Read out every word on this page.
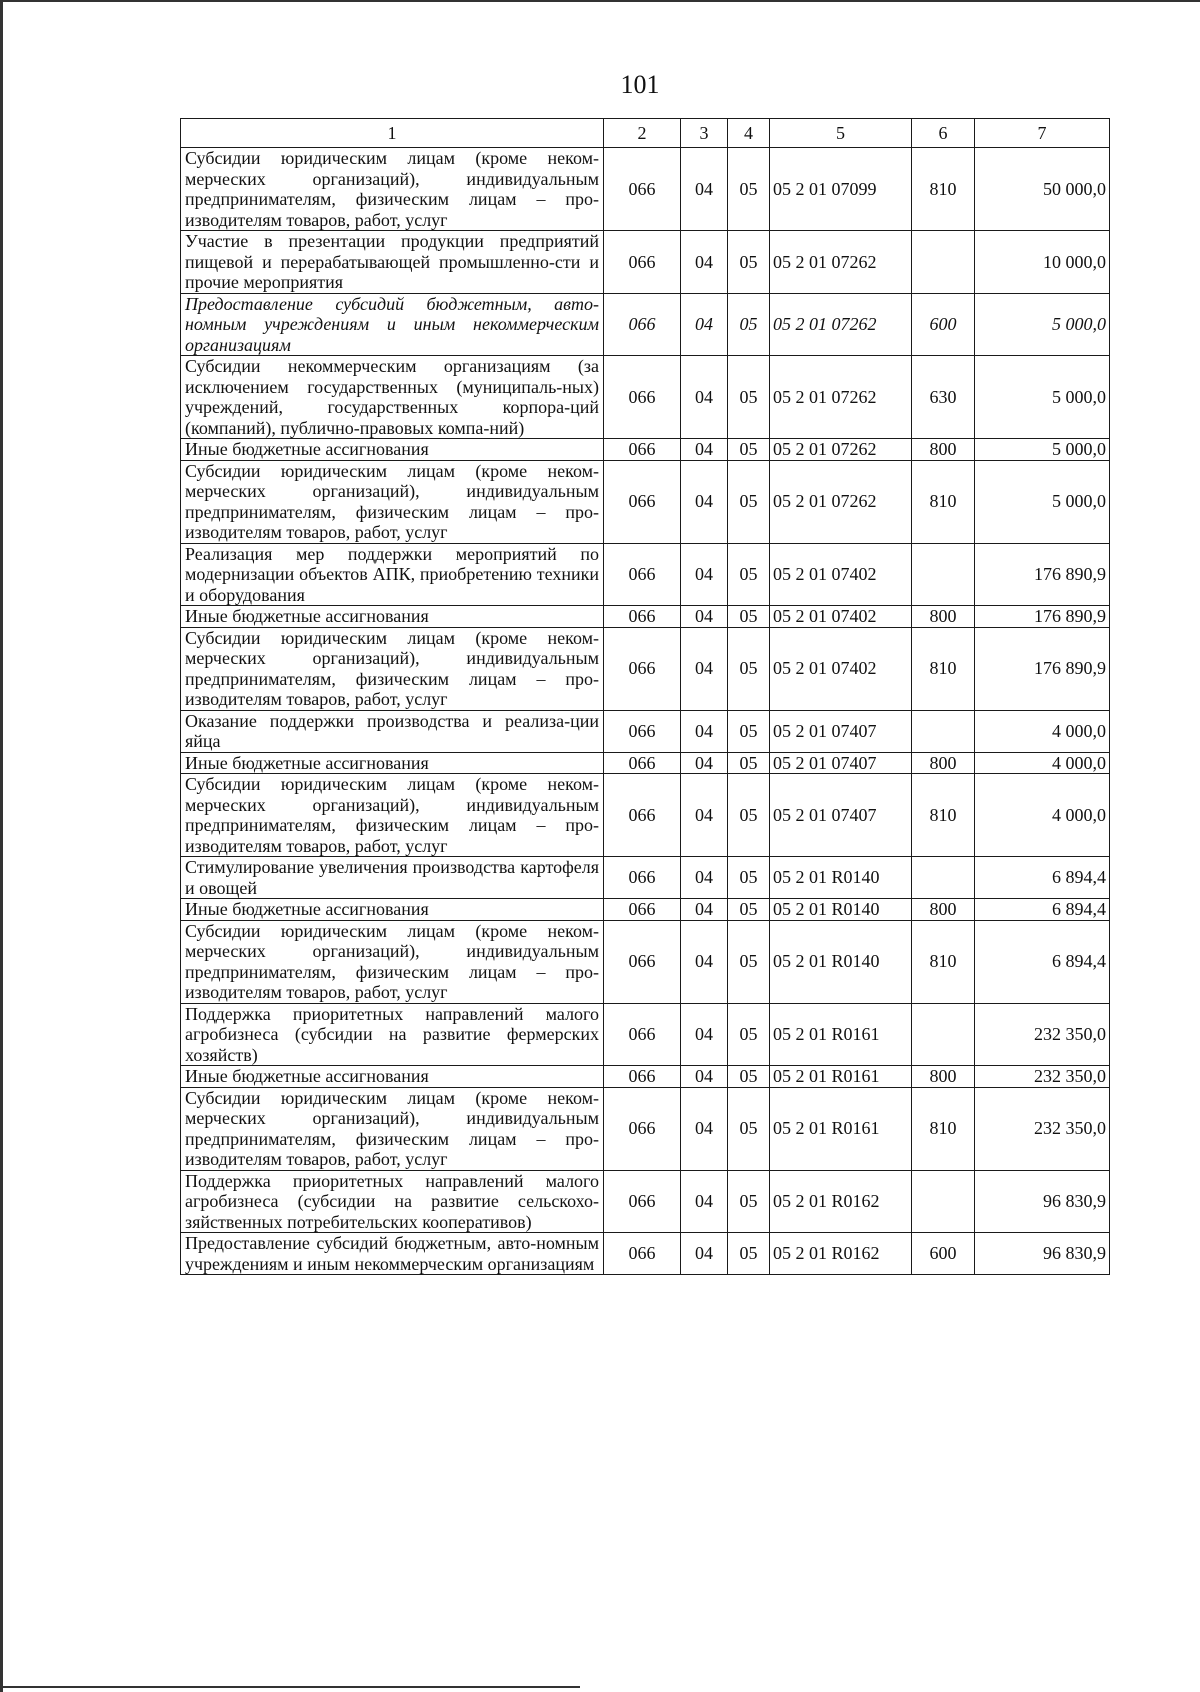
101
1	2	3	4	5	6	7
Субсидии юридическим лицам (кроме неком-мерческих организаций), индивидуальным предпринимателям, физическим лицам – про-изводителям товаров, работ, услуг	066	04	05	05 2 01 07099	810	50 000,0
Участие в презентации продукции предприятий пищевой и перерабатывающей промышленно-сти и прочие мероприятия	066	04	05	05 2 01 07262		10 000,0
Предоставление субсидий бюджетным, авто-номным учреждениям и иным некоммерческим организациям	066	04	05	05 2 01 07262	600	5 000,0
Субсидии некоммерческим организациям (за исключением государственных (муниципаль-ных) учреждений, государственных корпора-ций (компаний), публично-правовых компа-ний)	066	04	05	05 2 01 07262	630	5 000,0
Иные бюджетные ассигнования	066	04	05	05 2 01 07262	800	5 000,0
Субсидии юридическим лицам (кроме неком-мерческих организаций), индивидуальным предпринимателям, физическим лицам – про-изводителям товаров, работ, услуг	066	04	05	05 2 01 07262	810	5 000,0
Реализация мер поддержки мероприятий по модернизации объектов АПК, приобретению техники и оборудования	066	04	05	05 2 01 07402		176 890,9
Иные бюджетные ассигнования	066	04	05	05 2 01 07402	800	176 890,9
Субсидии юридическим лицам (кроме неком-мерческих организаций), индивидуальным предпринимателям, физическим лицам – про-изводителям товаров, работ, услуг	066	04	05	05 2 01 07402	810	176 890,9
Оказание поддержки производства и реализа-ции яйца	066	04	05	05 2 01 07407		4 000,0
Иные бюджетные ассигнования	066	04	05	05 2 01 07407	800	4 000,0
Субсидии юридическим лицам (кроме неком-мерческих организаций), индивидуальным предпринимателям, физическим лицам – про-изводителям товаров, работ, услуг	066	04	05	05 2 01 07407	810	4 000,0
Стимулирование увеличения производства картофеля и овощей	066	04	05	05 2 01 R0140		6 894,4
Иные бюджетные ассигнования	066	04	05	05 2 01 R0140	800	6 894,4
Субсидии юридическим лицам (кроме неком-мерческих организаций), индивидуальным предпринимателям, физическим лицам – про-изводителям товаров, работ, услуг	066	04	05	05 2 01 R0140	810	6 894,4
Поддержка приоритетных направлений малого агробизнеса (субсидии на развитие фермерских хозяйств)	066	04	05	05 2 01 R0161		232 350,0
Иные бюджетные ассигнования	066	04	05	05 2 01 R0161	800	232 350,0
Субсидии юридическим лицам (кроме неком-мерческих организаций), индивидуальным предпринимателям, физическим лицам – про-изводителям товаров, работ, услуг	066	04	05	05 2 01 R0161	810	232 350,0
Поддержка приоритетных направлений малого агробизнеса (субсидии на развитие сельскохо-зяйственных потребительских кооперативов)	066	04	05	05 2 01 R0162		96 830,9
Предоставление субсидий бюджетным, авто-номным учреждениям и иным некоммерческим организациям	066	04	05	05 2 01 R0162	600	96 830,9
